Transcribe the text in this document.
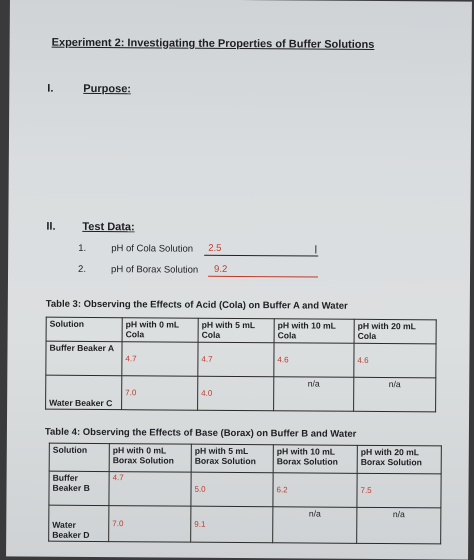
Experiment 2: Investigating the Properties of Buffer Solutions
I.	Purpose:
II. Test Data:
1.	pH of Cola Solution 2.5	I
2.	pH of Borax Solution 9.2
Table 3: Observing the Effects of Acid (Cola) on Buffer A and Water
Solution	pH with 0 mL Cola	pH with 5 mL Cola	pH with 10 mL Cola	pH with 20 mL Cola
Buffer Beaker A	4.7	4.7	4.6	4.6
Water Beaker C	7.0	4.0	n/a	n/a
Table 4: Observing the Effects of Base (Borax) on Buffer B and Water
Solution	pH with 0 mL Borax Solution	pH with 5 mL Borax Solution	pH with 10 mL Borax Solution	pH with 20 mL Borax Solution
Buffer Beaker B	4.7	5.0	6.2	7.5
Water Beaker D	7.0	9.1	n/a	n/a
